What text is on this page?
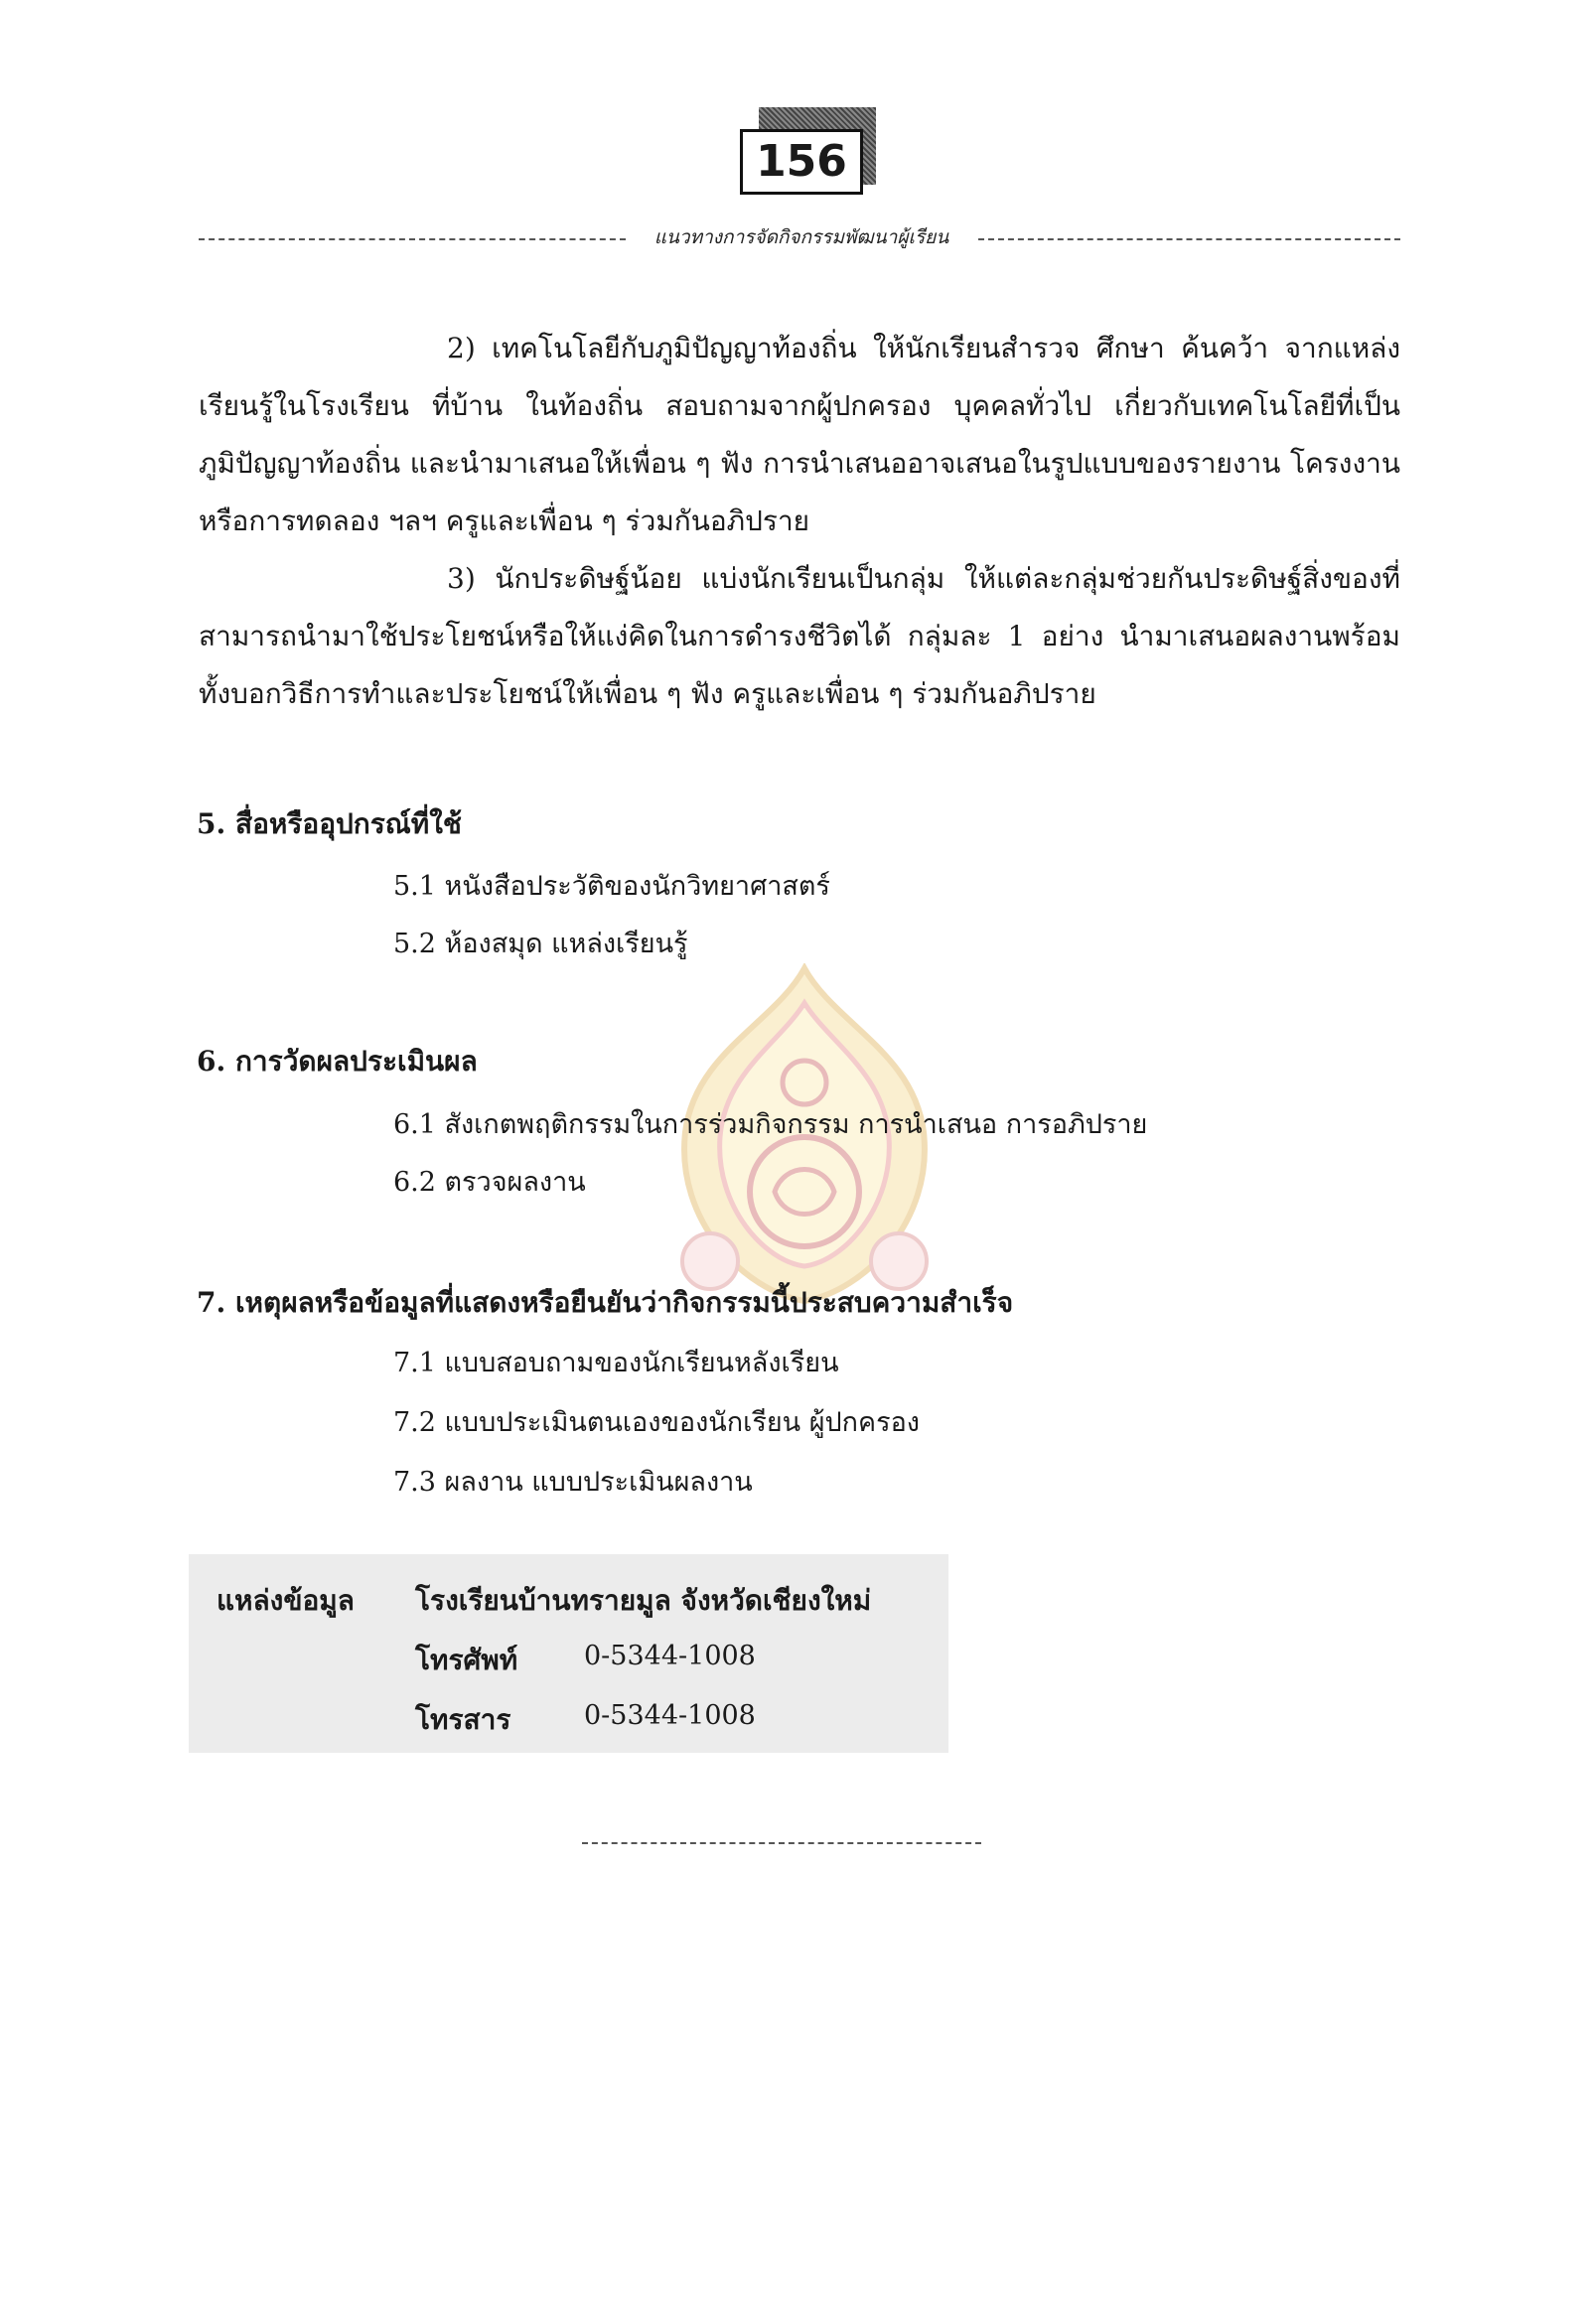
156
แนวทางการจัดกิจกรรมพัฒนาผู้เรียน

2) เทคโนโลยีกับภูมิปัญญาท้องถิ่น ให้นักเรียนสำรวจ ศึกษา ค้นคว้า จากแหล่งเรียนรู้ในโรงเรียน ที่บ้าน ในท้องถิ่น สอบถามจากผู้ปกครอง บุคคลทั่วไป เกี่ยวกับเทคโนโลยีที่เป็นภูมิปัญญาท้องถิ่น และนำมาเสนอให้เพื่อน ๆ ฟัง การนำเสนออาจเสนอในรูปแบบของรายงาน โครงงาน หรือการทดลอง ฯลฯ ครูและเพื่อน ๆ ร่วมกันอภิปราย

3) นักประดิษฐ์น้อย แบ่งนักเรียนเป็นกลุ่ม ให้แต่ละกลุ่มช่วยกันประดิษฐ์สิ่งของที่สามารถนำมาใช้ประโยชน์หรือให้แง่คิดในการดำรงชีวิตได้ กลุ่มละ 1 อย่าง นำมาเสนอผลงานพร้อมทั้งบอกวิธีการทำและประโยชน์ให้เพื่อน ๆ ฟัง ครูและเพื่อน ๆ ร่วมกันอภิปราย

5. สื่อหรืออุปกรณ์ที่ใช้
5.1 หนังสือประวัติของนักวิทยาศาสตร์
5.2 ห้องสมุด แหล่งเรียนรู้
6. การวัดผลประเมินผล
6.1 สังเกตพฤติกรรมในการร่วมกิจกรรม การนำเสนอ การอภิปราย
6.2 ตรวจผลงาน
7. เหตุผลหรือข้อมูลที่แสดงหรือยืนยันว่ากิจกรรมนี้ประสบความสำเร็จ
7.1 แบบสอบถามของนักเรียนหลังเรียน
7.2 แบบประเมินตนเองของนักเรียน ผู้ปกครอง
7.3 ผลงาน แบบประเมินผลงาน
แหล่งข้อมูล โรงเรียนบ้านทรายมูล จังหวัดเชียงใหม่
โทรศัพท์ 0-5344-1008
โทรสาร	0-5344-1008
